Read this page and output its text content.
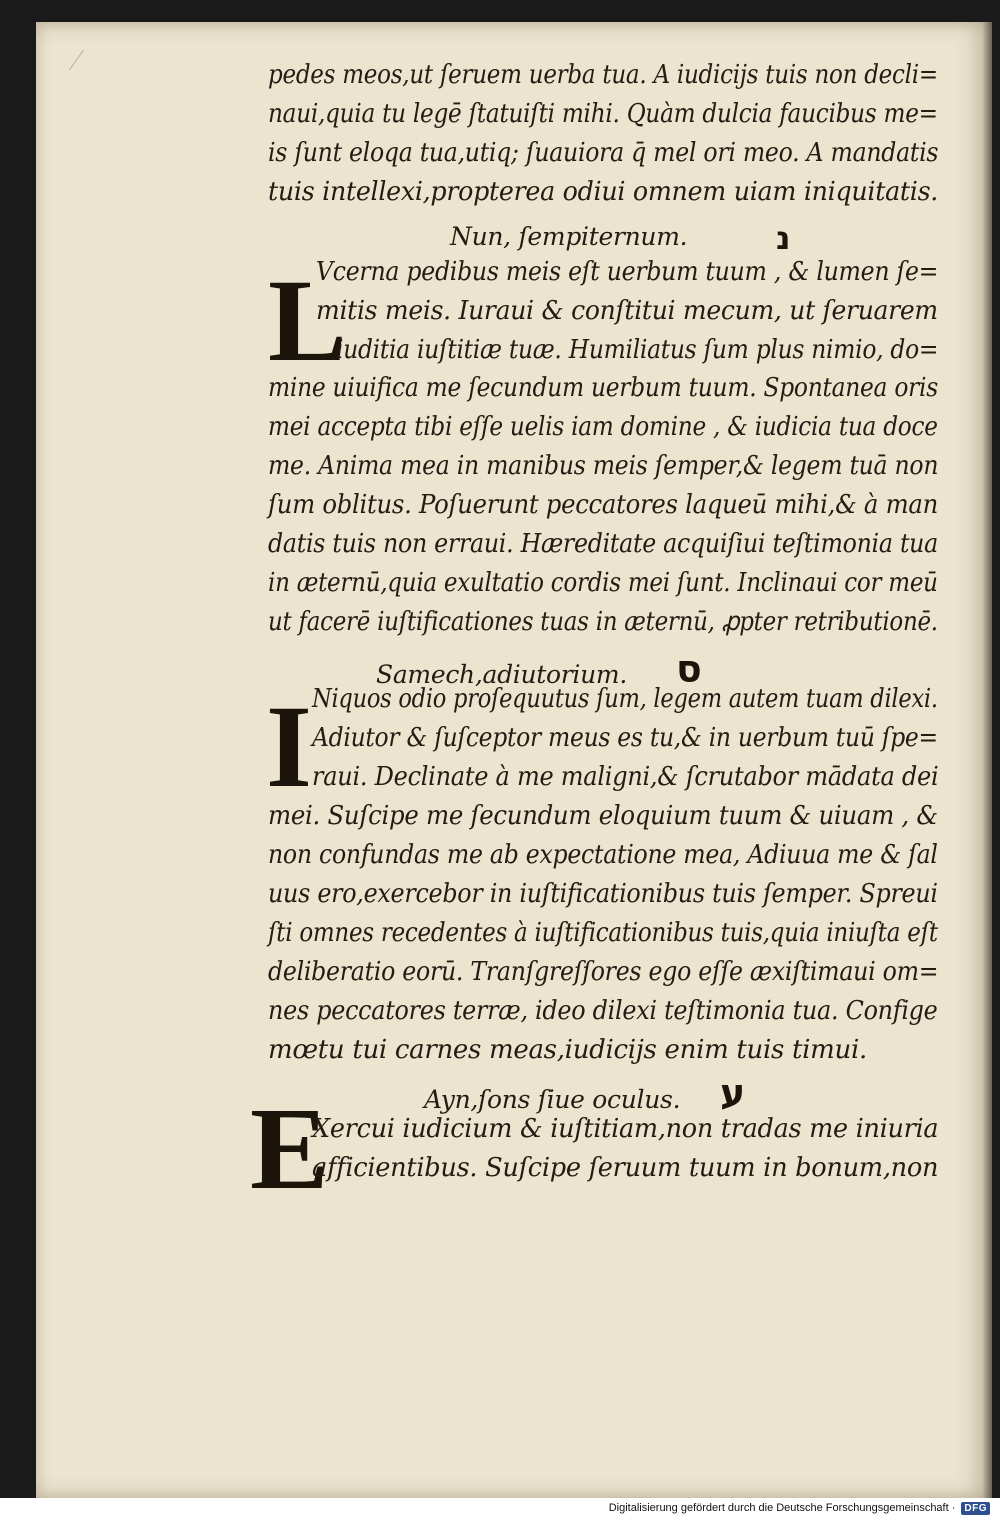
pedes meos,ut ſeruem uerba tua. A iudicijs tuis non decli=
naui,quia tu legē ſtatuiſti mihi. Quàm dulcia faucibus me=
is ſunt eloqa tua,utiq; ſuauiora q̄ mel ori meo. A mandatis
tuis intellexi,propterea odiui omnem uiam iniquitatis.
Nun, ſempiternum.	נ
L
Vcerna pedibus meis eſt uerbum tuum , & lumen ſe=
mitis meis. Iuraui & conſtitui mecum, ut ſeruarem
iuditia iuſtitiæ tuæ. Humiliatus ſum plus nimio, do=
mine uiuifica me ſecundum uerbum tuum. Spontanea oris
mei accepta tibi eſſe uelis iam domine , & iudicia tua doce
me. Anima mea in manibus meis ſemper,& legem tuā non
ſum oblitus. Poſuerunt peccatores laqueū mihi,& à man
datis tuis non erraui. Hæreditate acquiſiui teſtimonia tua
in æternū,quia exultatio cordis mei ſunt. Inclinaui cor meū
ut facerē iuſtificationes tuas in æternū, ꝓpter retributionē.
Samech,adiutorium. ס
I Niquos odio proſequutus ſum, legem autem tuam dilexi.
Adiutor & ſuſceptor meus es tu,& in uerbum tuū ſpe=
raui. Declinate à me maligni,& ſcrutabor mādata dei
mei. Suſcipe me ſecundum eloquium tuum & uiuam , &
non confundas me ab expectatione mea, Adiuua me & ſal
uus ero,exercebor in iuſtificationibus tuis ſemper. Spreui
ſti omnes recedentes à iuſtificationibus tuis,quia iniuſta eſt
deliberatio eorū. Tranſgreſſores ego eſſe æxiſtimaui om=
nes peccatores terræ, ideo dilexi teſtimonia tua. Confige
mœtu tui carnes meas,iudicijs enim tuis timui.
Ayn,ſons ſiue oculus. ע
E
Xercui iudicium & iuſtitiam,non tradas me iniuria
afficientibus. Suſcipe ſeruum tuum in bonum,non
Digitalisierung gefördert durch die Deutsche Forschungsgemeinschaft · DFG
